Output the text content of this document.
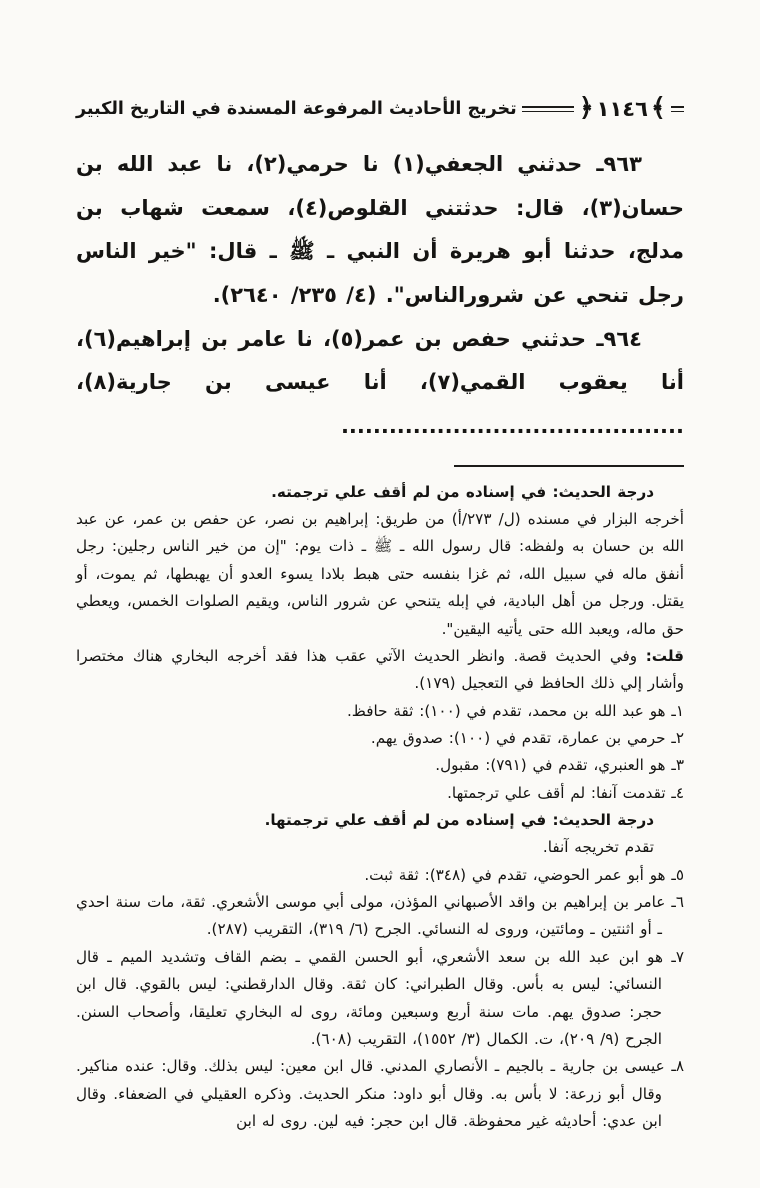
﴾
١١٤٦
﴿
تخريج الأحاديث المرفوعة المسندة في التاريخ الكبير

٩٦٣ـ حدثني الجعفي(١) نا حرمي(٢)، نا عبد الله بن حسان(٣)، قال: حدثتني القلوص(٤)، سمعت شهاب بن مدلج، حدثنا أبو هريرة أن النبي ـ ﷺ ـ قال: "خير الناس رجل تنحي عن شرورالناس". (٤/ ٢٣٥/ ٢٦٤٠).

٩٦٤ـ حدثني حفص بن عمر(٥)، نا عامر بن إبراهيم(٦)، أنا يعقوب القمي(٧)، أنا عيسى بن جارية(٨)، ...........................................

درجة الحديث: في إسناده من لم أقف علي ترجمته.

أخرجه البزار في مسنده (ل/ ٢٧٣/أ) من طريق: إبراهيم بن نصر، عن حفص بن عمر، عن عبد الله بن حسان به ولفظه: قال رسول الله ـ ﷺ ـ ذات يوم: "إن من خير الناس رجلين: رجل أنفق ماله في سبيل الله، ثم غزا بنفسه حتى هبط بلادا يسوء العدو أن يهبطها، ثم يموت، أو يقتل. ورجل من أهل البادية، في إبله يتنحي عن شرور الناس، ويقيم الصلوات الخمس، ويعطي حق ماله، ويعبد الله حتى يأتيه اليقين".

قلت: وفي الحديث قصة. وانظر الحديث الآتي عقب هذا فقد أخرجه البخاري هناك مختصرا وأشار إلي ذلك الحافظ في التعجيل (١٧٩).

١ـ هو عبد الله بن محمد، تقدم في (١٠٠): ثقة حافظ.

٢ـ حرمي بن عمارة، تقدم في (١٠٠): صدوق يهم.

٣ـ هو العنبري، تقدم في (٧٩١): مقبول.

٤ـ تقدمت آنفا: لم أقف علي ترجمتها.

درجة الحديث: في إسناده من لم أقف علي ترجمتها.

تقدم تخريجه آنفا.

٥ـ هو أبو عمر الحوضي، تقدم في (٣٤٨): ثقة ثبت.

٦ـ عامر بن إبراهيم بن واقد الأصبهاني المؤذن، مولى أبي موسى الأشعري. ثقة، مات سنة احدي ـ أو اثنتين ـ ومائتين، وروى له النسائي. الجرح (٦/ ٣١٩)، التقريب (٢٨٧).

٧ـ هو ابن عبد الله بن سعد الأشعري، أبو الحسن القمي ـ بضم القاف وتشديد الميم ـ قال النسائي: ليس به بأس. وقال الطبراني: كان ثقة. وقال الدارقطني: ليس بالقوي. قال ابن حجر: صدوق يهم. مات سنة أربع وسبعين ومائة، روى له البخاري تعليقا، وأصحاب السنن. الجرح (٩/ ٢٠٩)، ت. الكمال (٣/ ١٥٥٢)، التقريب (٦٠٨).

٨ـ عيسى بن جارية ـ بالجيم ـ الأنصاري المدني. قال ابن معين: ليس بذلك. وقال: عنده مناكير. وقال أبو زرعة: لا بأس به. وقال أبو داود: منكر الحديث. وذكره العقيلي في الضعفاء. وقال ابن عدي: أحاديثه غير محفوظة. قال ابن حجر: فيه لين. روى له ابن
